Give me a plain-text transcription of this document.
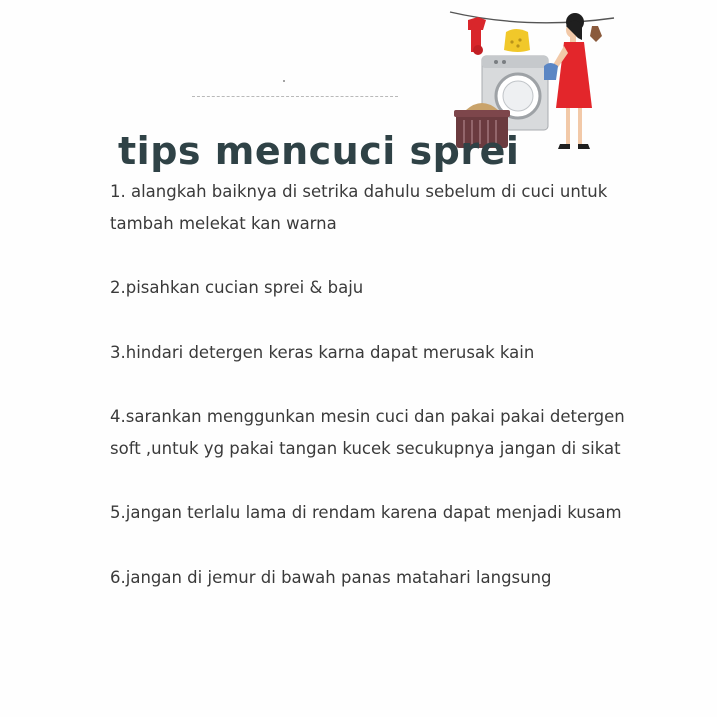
tips mencuci sprei

1. alangkah baiknya di setrika dahulu sebelum di cuci untuk tambah melekat kan warna

2.pisahkan cucian sprei & baju

3.hindari detergen keras karna dapat merusak kain

4.sarankan menggunkan mesin cuci dan pakai pakai detergen soft ,untuk yg pakai tangan kucek secukupnya jangan di sikat

5.jangan terlalu lama di rendam karena dapat menjadi kusam

6.jangan di jemur di bawah panas matahari langsung
